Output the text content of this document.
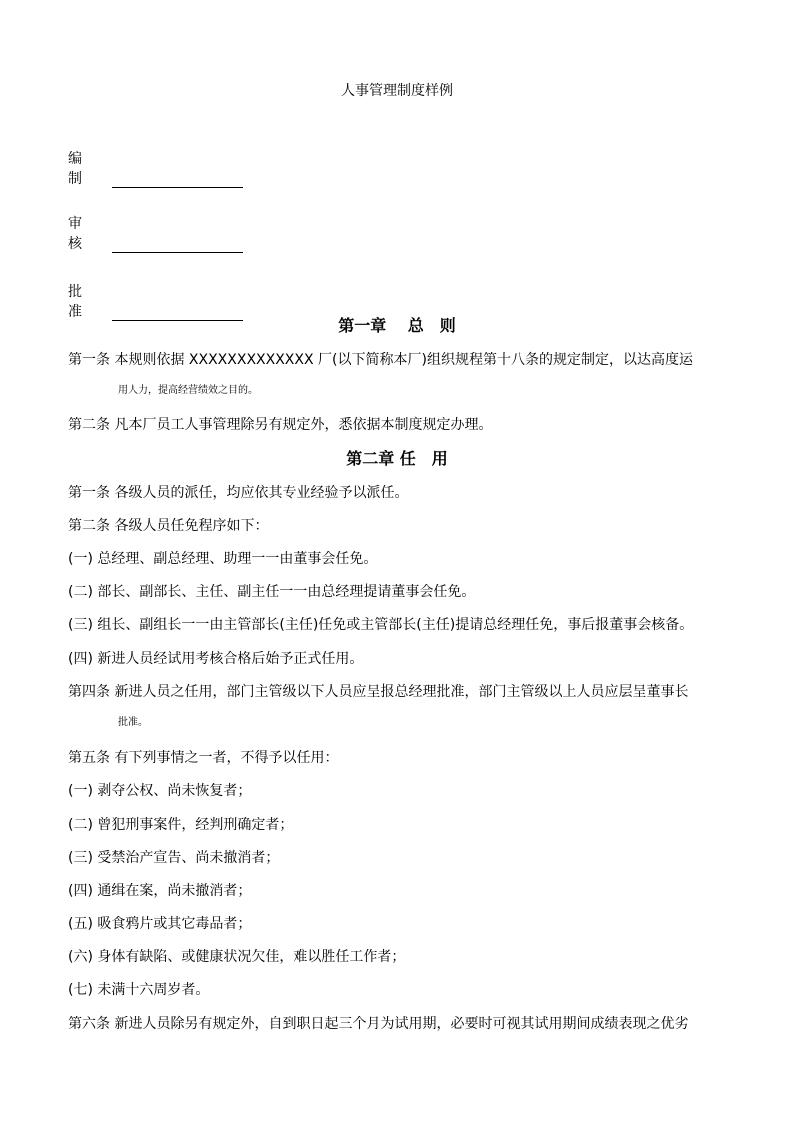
人事管理制度样例
编 制
审 核
批 准
第一章　 总　则
第一条 本规则依据 XXXXXXXXXXXXX 厂(以下简称本厂)组织规程第十八条的规定制定，以达高度运
用人力，提高经营绩效之目的。
第二条 凡本厂员工人事管理除另有规定外，悉依据本制度规定办理。
第二章 任　用
第一条 各级人员的派任，均应依其专业经验予以派任。
第二条 各级人员任免程序如下：
(一) 总经理、副总经理、助理一一由董事会任免。
(二) 部长、副部长、主任、副主任一一由总经理提请董事会任免。
(三) 组长、副组长一一由主管部长(主任)任免或主管部长(主任)提请总经理任免，事后报董事会核备。
(四) 新进人员经试用考核合格后始予正式任用。
第四条 新进人员之任用，部门主管级以下人员应呈报总经理批准，部门主管级以上人员应层呈董事长
批准。
第五条 有下列事情之一者，不得予以任用：
(一) 剥夺公权、尚未恢复者；
(二) 曾犯刑事案件，经判刑确定者；
(三) 受禁治产宣告、尚未撤消者；
(四) 通缉在案，尚未撤消者；
(五) 吸食鸦片或其它毒品者；
(六) 身体有缺陷、或健康状况欠佳，难以胜任工作者；
(七) 未满十六周岁者。
第六条 新进人员除另有规定外，自到职日起三个月为试用期，必要时可视其试用期间成绩表现之优劣
